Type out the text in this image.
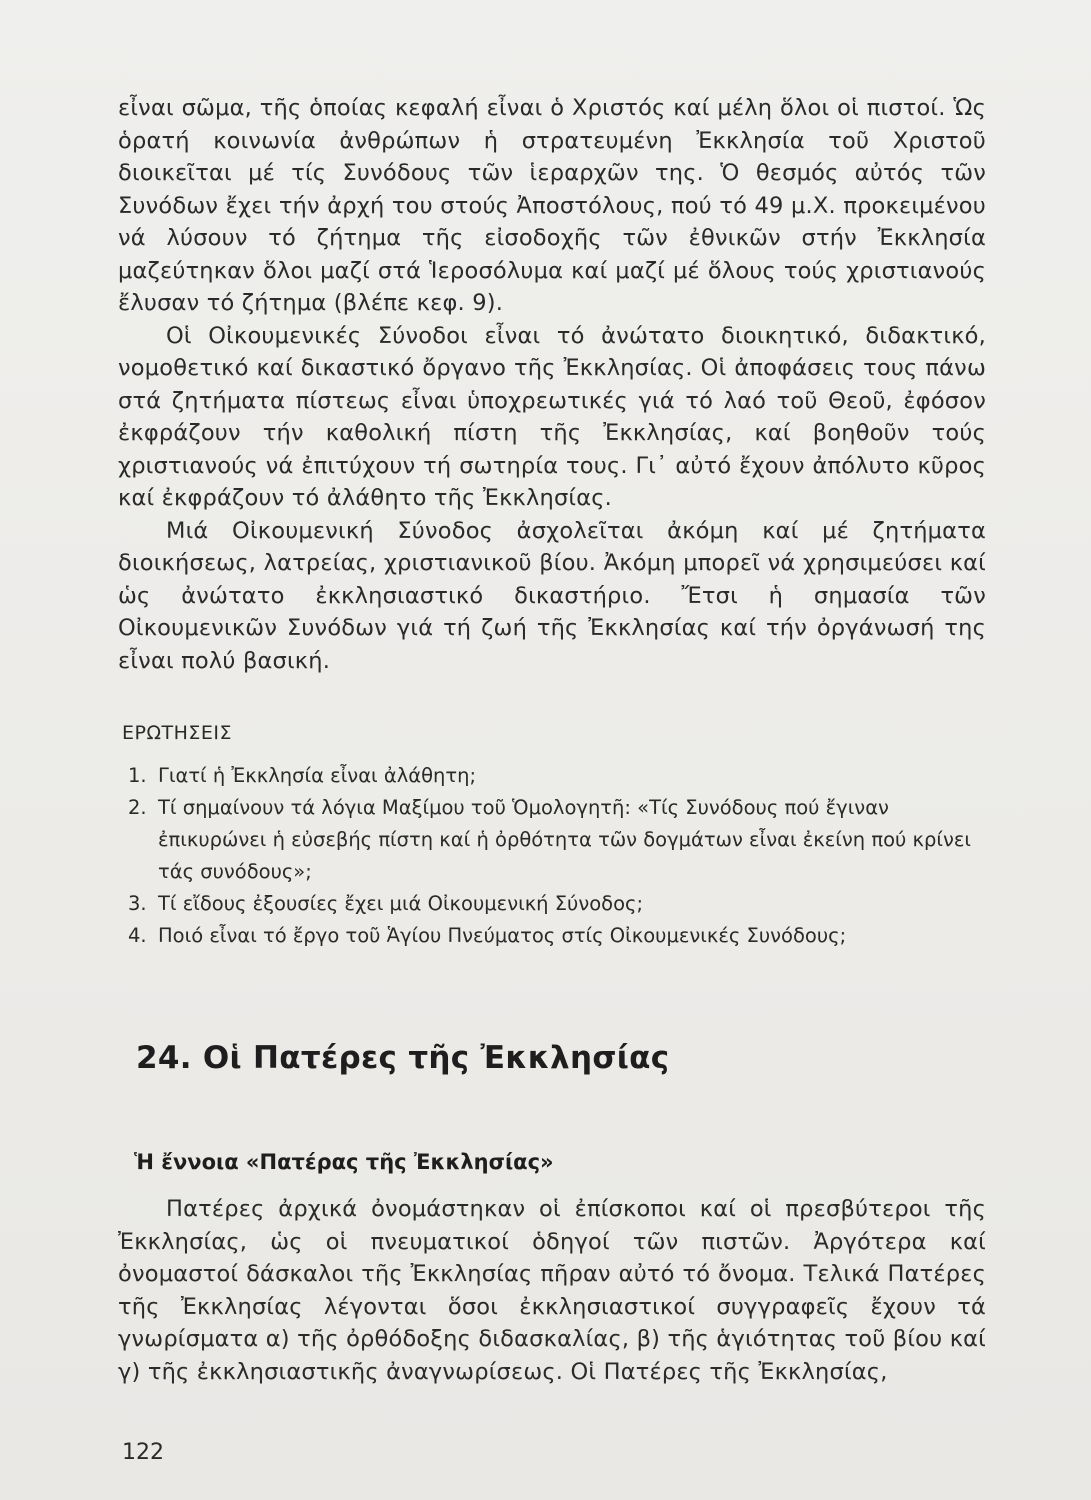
εἶναι σῶμα, τῆς ὁποίας κεφαλή εἶναι ὁ Χριστός καί μέλη ὅλοι οἱ πιστοί. Ὡς ὁρατή κοινωνία ἀνθρώπων ἡ στρατευμένη Ἐκκλησία τοῦ Χριστοῦ διοικεῖται μέ τίς Συνόδους τῶν ἱεραρχῶν της. Ὁ θεσμός αὐτός τῶν Συνόδων ἔχει τήν ἀρχή του στούς Ἀποστόλους, πού τό 49 μ.Χ. προκειμένου νά λύσουν τό ζήτημα τῆς εἰσοδοχῆς τῶν ἐθνικῶν στήν Ἐκκλησία μαζεύτηκαν ὅλοι μαζί στά Ἱεροσόλυμα καί μαζί μέ ὅλους τούς χριστιανούς ἔλυσαν τό ζήτημα (βλέπε κεφ. 9).

Οἱ Οἰκουμενικές Σύνοδοι εἶναι τό ἀνώτατο διοικητικό, διδακτικό, νομοθετικό καί δικαστικό ὄργανο τῆς Ἐκκλησίας. Οἱ ἀποφάσεις τους πάνω στά ζητήματα πίστεως εἶναι ὑποχρεωτικές γιά τό λαό τοῦ Θεοῦ, ἐφόσον ἐκφράζουν τήν καθολική πίστη τῆς Ἐκκλησίας, καί βοηθοῦν τούς χριστιανούς νά ἐπιτύχουν τή σωτηρία τους. Γι᾿ αὐτό ἔχουν ἀπόλυτο κῦρος καί ἐκφράζουν τό ἀλάθητο τῆς Ἐκκλησίας.

Μιά Οἰκουμενική Σύνοδος ἀσχολεῖται ἀκόμη καί μέ ζητήματα διοικήσεως, λατρείας, χριστιανικοῦ βίου. Ἀκόμη μπορεῖ νά χρησιμεύσει καί ὡς ἀνώτατο ἐκκλησιαστικό δικαστήριο. Ἔτσι ἡ σημασία τῶν Οἰκουμενικῶν Συνόδων γιά τή ζωή τῆς Ἐκκλησίας καί τήν ὀργάνωσή της εἶναι πολύ βασική.

ΕΡΩΤΗΣΕΙΣ
1. Γιατί ἡ Ἐκκλησία εἶναι ἀλάθητη;
2. Τί σημαίνουν τά λόγια Μαξίμου τοῦ Ὁμολογητῆ: «Τίς Συνόδους πού ἔγιναν ἐπικυρώνει ἡ εὐσεβής πίστη καί ἡ ὀρθότητα τῶν δογμάτων εἶναι ἐκείνη πού κρίνει τάς συνόδους»;
3. Τί εἴδους ἐξουσίες ἔχει μιά Οἰκουμενική Σύνοδος;
4. Ποιό εἶναι τό ἔργο τοῦ Ἁγίου Πνεύματος στίς Οἰκουμενικές Συνόδους;
24. Οἱ Πατέρες τῆς Ἐκκλησίας
Ἡ ἔννοια «Πατέρας τῆς Ἐκκλησίας»

Πατέρες ἀρχικά ὀνομάστηκαν οἱ ἐπίσκοποι καί οἱ πρεσβύτεροι τῆς Ἐκκλησίας, ὡς οἱ πνευματικοί ὁδηγοί τῶν πιστῶν. Ἀργότερα καί ὀνομαστοί δάσκαλοι τῆς Ἐκκλησίας πῆραν αὐτό τό ὄνομα. Τελικά Πατέρες τῆς Ἐκκλησίας λέγονται ὅσοι ἐκκλησιαστικοί συγγραφεῖς ἔχουν τά γνωρίσματα α) τῆς ὀρθόδοξης διδασκαλίας, β) τῆς ἁγιότητας τοῦ βίου καί γ) τῆς ἐκκλησιαστικῆς ἀναγνωρίσεως. Οἱ Πατέρες τῆς Ἐκκλησίας,

122
